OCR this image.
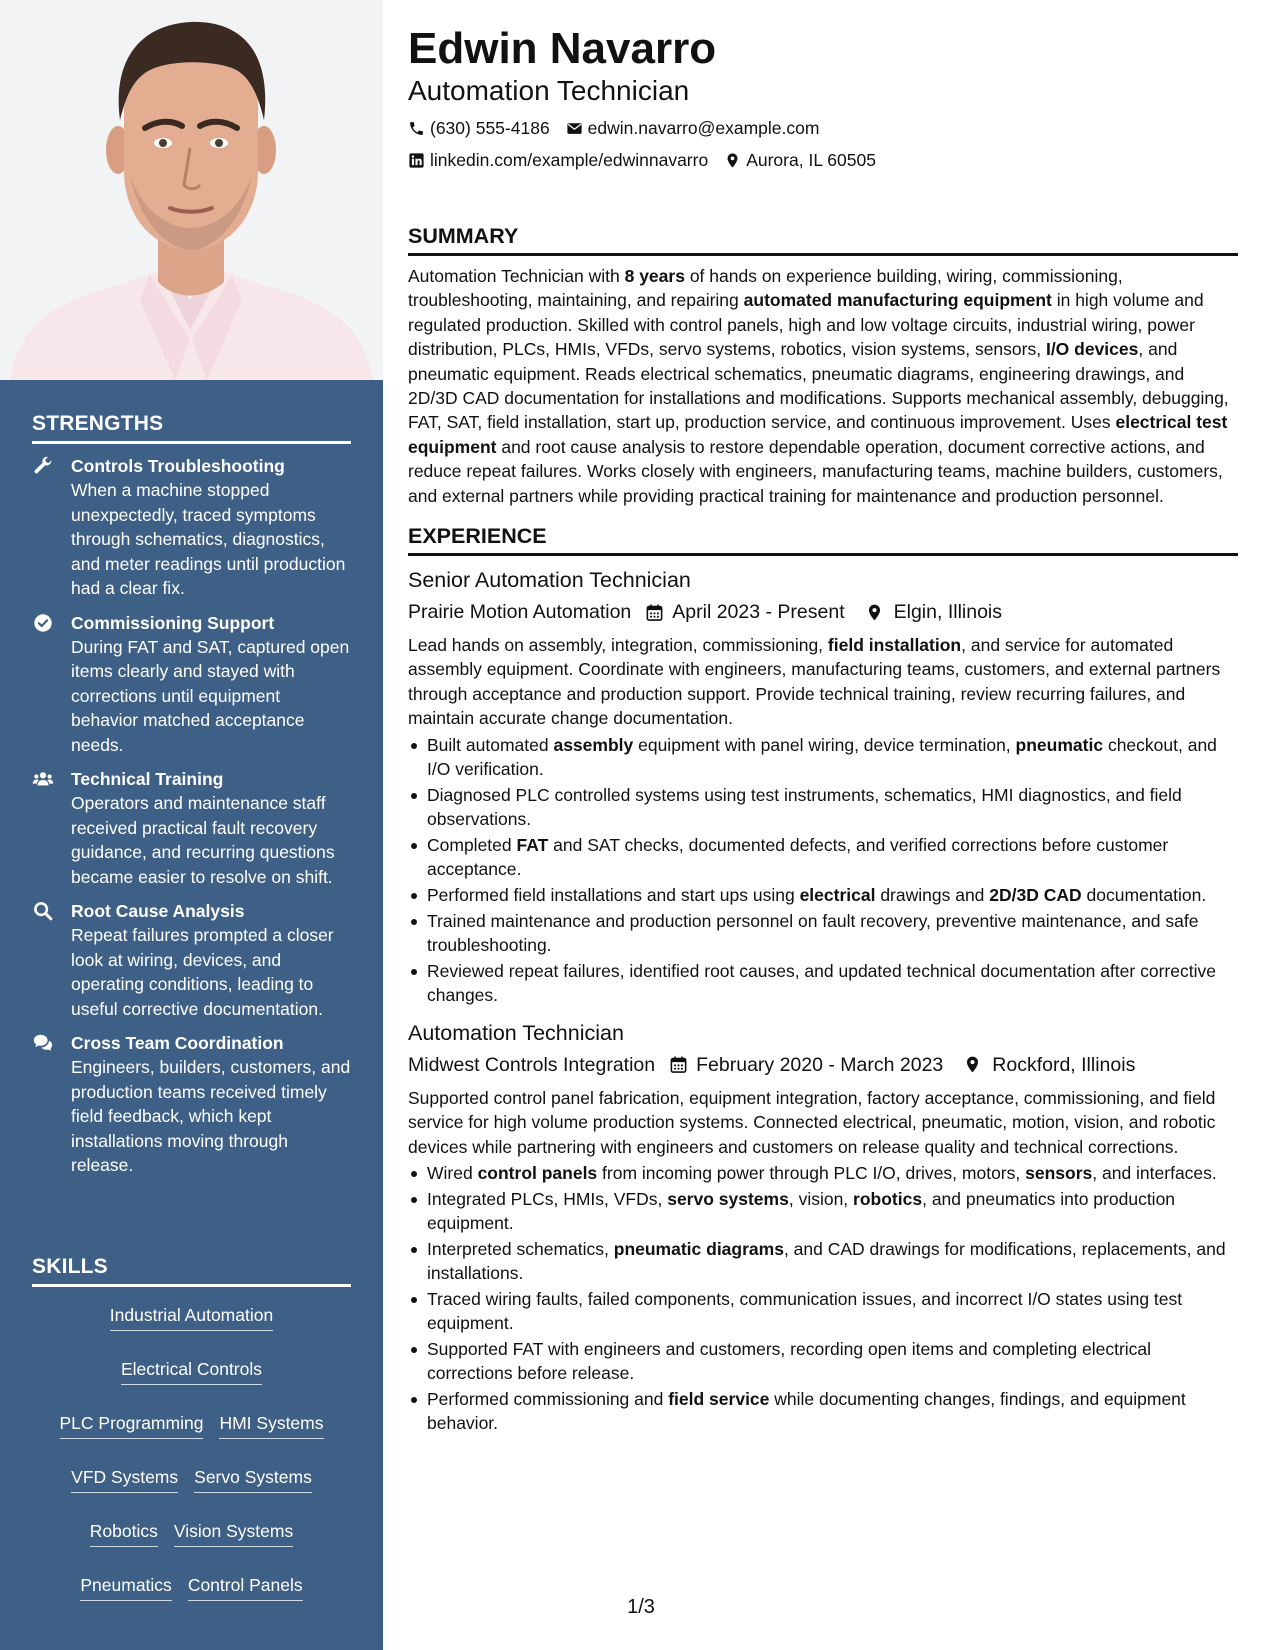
STRENGTHS
Controls Troubleshooting
When a machine stopped unexpectedly, traced symptoms through schematics, diagnostics, and meter readings until production had a clear fix.
Commissioning Support
During FAT and SAT, captured open items clearly and stayed with corrections until equipment behavior matched acceptance needs.
Technical Training
Operators and maintenance staff received practical fault recovery guidance, and recurring questions became easier to resolve on shift.
Root Cause Analysis
Repeat failures prompted a closer look at wiring, devices, and operating conditions, leading to useful corrective documentation.
Cross Team Coordination
Engineers, builders, customers, and production teams received timely field feedback, which kept installations moving through release.
SKILLS
Industrial Automation
Electrical Controls
PLC Programming HMI Systems
VFD Systems Servo Systems
Robotics Vision Systems
Pneumatics Control Panels
Edwin Navarro
Automation Technician
(630) 555-4186 edwin.navarro@example.com
linkedin.com/example/edwinnavarro Aurora, IL 60505
SUMMARY

Automation Technician with 8 years of hands on experience building, wiring, commissioning, troubleshooting, maintaining, and repairing automated manufacturing equipment in high volume and regulated production. Skilled with control panels, high and low voltage circuits, industrial wiring, power distribution, PLCs, HMIs, VFDs, servo systems, robotics, vision systems, sensors, I/O devices, and pneumatic equipment. Reads electrical schematics, pneumatic diagrams, engineering drawings, and 2D/3D CAD documentation for installations and modifications. Supports mechanical assembly, debugging, FAT, SAT, field installation, start up, production service, and continuous improvement. Uses electrical test equipment and root cause analysis to restore dependable operation, document corrective actions, and reduce repeat failures. Works closely with engineers, manufacturing teams, machine builders, customers, and external partners while providing practical training for maintenance and production personnel.

EXPERIENCE
Senior Automation Technician
Prairie Motion Automation April 2023 - Present	Elgin, Illinois

Lead hands on assembly, integration, commissioning, field installation, and service for automated assembly equipment. Coordinate with engineers, manufacturing teams, customers, and external partners through acceptance and production support. Provide technical training, review recurring failures, and maintain accurate change documentation.

Built automated assembly equipment with panel wiring, device termination, pneumatic checkout, and I/O verification.
Diagnosed PLC controlled systems using test instruments, schematics, HMI diagnostics, and field observations.
Completed FAT and SAT checks, documented defects, and verified corrections before customer acceptance.
Performed field installations and start ups using electrical drawings and 2D/3D CAD documentation.
Trained maintenance and production personnel on fault recovery, preventive maintenance, and safe troubleshooting.
Reviewed repeat failures, identified root causes, and updated technical documentation after corrective changes.
Automation Technician
Midwest Controls Integration February 2020 - March 2023	Rockford, Illinois

Supported control panel fabrication, equipment integration, factory acceptance, commissioning, and field service for high volume production systems. Connected electrical, pneumatic, motion, vision, and robotic devices while partnering with engineers and customers on release quality and technical corrections.

Wired control panels from incoming power through PLC I/O, drives, motors, sensors, and interfaces.
Integrated PLCs, HMIs, VFDs, servo systems, vision, robotics, and pneumatics into production equipment.
Interpreted schematics, pneumatic diagrams, and CAD drawings for modifications, replacements, and installations.
Traced wiring faults, failed components, communication issues, and incorrect I/O states using test equipment.
Supported FAT with engineers and customers, recording open items and completing electrical corrections before release.
Performed commissioning and field service while documenting changes, findings, and equipment behavior.
1/3
